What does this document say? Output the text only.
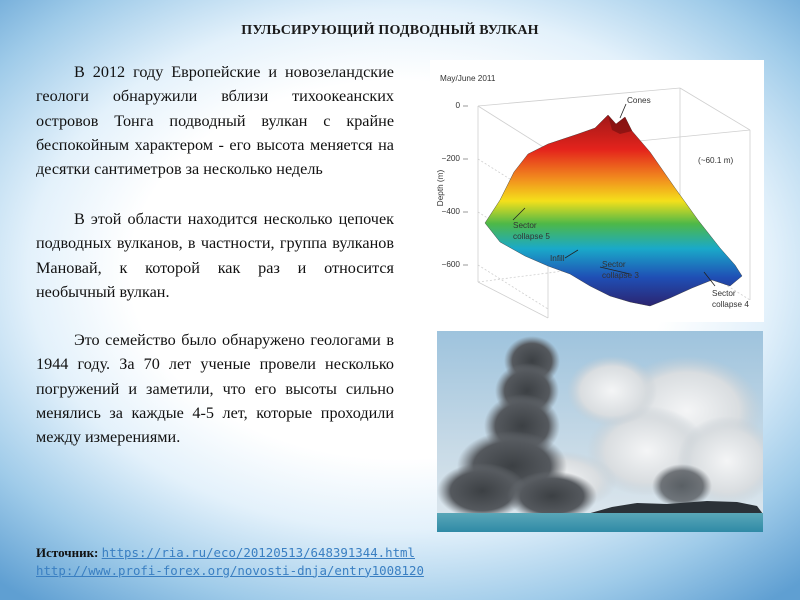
ПУЛЬСИРУЮЩИЙ ПОДВОДНЫЙ ВУЛКАН

В 2012 году Европейские и новозеландские геологи обнаружили вблизи тихоокеанских островов Тонга подводный вулкан с крайне беспокойным характером - его высота меняется на десятки сантиметров за несколько недель

В этой области находится несколько цепочек подводных вулканов, в частности, группа вулканов Мановай, к которой как раз и относится необычный вулкан.

Это семейство было обнаружено геологами в 1944 году. За 70 лет ученые провели несколько погружений и заметили, что его высоты сильно менялись за каждые 4-5 лет, которые проходили между измерениями.

May/June 2011
0
−200
−400
−600
Depth (m)
Cones
(~60.1 m)
Sector
collapse 5
Infill
Sector
collapse 3
Sector
collapse 4
Источник: https://ria.ru/eco/20120513/648391344.html
http://www.profi-forex.org/novosti-dnja/entry1008120
